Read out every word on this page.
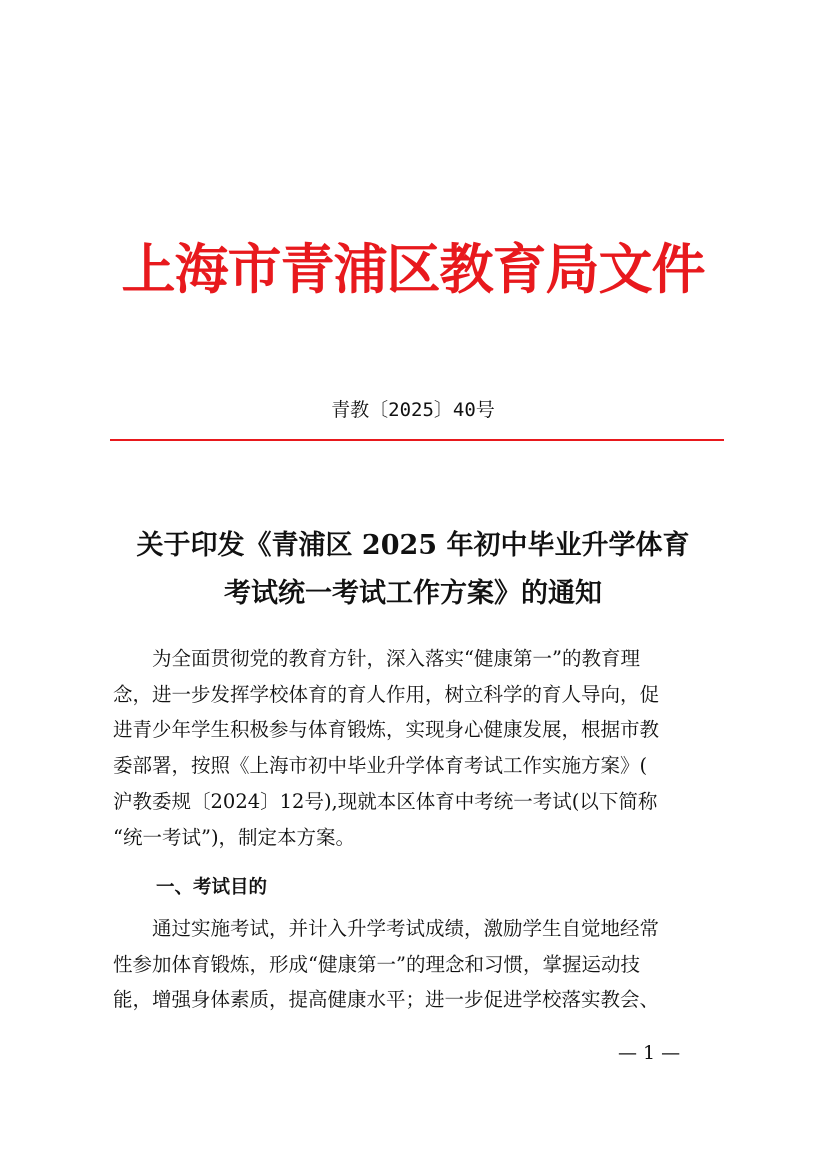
上海市青浦区教育局文件
青教〔2025〕40号
关于印发《青浦区 2025 年初中毕业升学体育
考试统一考试工作方案》的通知
为全面贯彻党的教育方针，深入落实“健康第一”的教育理
念，进一步发挥学校体育的育人作用，树立科学的育人导向，促
进青少年学生积极参与体育锻炼，实现身心健康发展，根据市教
委部署，按照《上海市初中毕业升学体育考试工作实施方案》(
沪教委规〔2024〕12号),现就本区体育中考统一考试(以下简称
“统一考试”)，制定本方案。
一、考试目的
通过实施考试，并计入升学考试成绩，激励学生自觉地经常
性参加体育锻炼，形成“健康第一”的理念和习惯，掌握运动技
能，增强身体素质，提高健康水平；进一步促进学校落实教会、
— 1 —
